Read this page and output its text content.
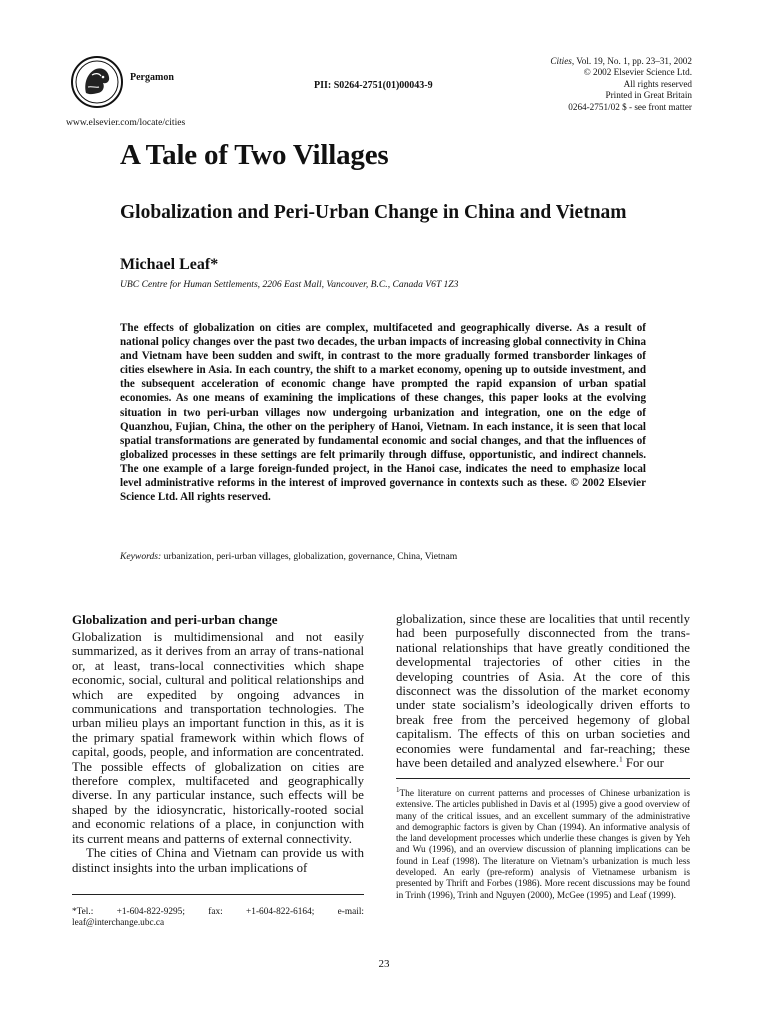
Pergamon
PII: S0264-2751(01)00043-9
Cities, Vol. 19, No. 1, pp. 23–31, 2002
© 2002 Elsevier Science Ltd.
All rights reserved
Printed in Great Britain
0264-2751/02 $ - see front matter
www.elsevier.com/locate/cities
A Tale of Two Villages
Globalization and Peri-Urban Change in China and Vietnam
Michael Leaf*
UBC Centre for Human Settlements, 2206 East Mall, Vancouver, B.C., Canada V6T 1Z3
The effects of globalization on cities are complex, multifaceted and geographically diverse. As a result of national policy changes over the past two decades, the urban impacts of increasing global connectivity in China and Vietnam have been sudden and swift, in contrast to the more gradually formed transborder linkages of cities elsewhere in Asia. In each country, the shift to a market economy, opening up to outside investment, and the subsequent acceleration of economic change have prompted the rapid expansion of urban spatial economies. As one means of examining the implications of these changes, this paper looks at the evolving situation in two peri-urban villages now undergoing urbanization and integration, one on the edge of Quanzhou, Fujian, China, the other on the periphery of Hanoi, Vietnam. In each instance, it is seen that local spatial transformations are generated by fundamental economic and social changes, and that the influences of globalized processes in these settings are felt primarily through diffuse, opportunistic, and indirect channels. The one example of a large foreign-funded project, in the Hanoi case, indicates the need to emphasize local level administrative reforms in the interest of improved governance in contexts such as these. © 2002 Elsevier Science Ltd. All rights reserved.
Keywords: urbanization, peri-urban villages, globalization, governance, China, Vietnam
Globalization and peri-urban change

Globalization is multidimensional and not easily summarized, as it derives from an array of trans-national or, at least, trans-local connectivities which shape economic, social, cultural and political relationships and which are expedited by ongoing advances in communications and transportation technologies. The urban milieu plays an important function in this, as it is the primary spatial framework within which flows of capital, goods, people, and information are concentrated. The possible effects of globalization on cities are therefore complex, multifaceted and geographically diverse. In any particular instance, such effects will be shaped by the idiosyncratic, historically-rooted social and economic relations of a place, in conjunction with its current means and patterns of external connectivity.

The cities of China and Vietnam can provide us with distinct insights into the urban implications of

globalization, since these are localities that until recently had been purposefully disconnected from the trans-national relationships that have greatly conditioned the developmental trajectories of other cities in the developing countries of Asia. At the core of this disconnect was the dissolution of the market economy under state socialism’s ideologically driven efforts to break free from the perceived hegemony of global capitalism. The effects of this on urban societies and economies were fundamental and far-reaching; these have been detailed and analyzed elsewhere.$^1$ For our

$^1$The literature on current patterns and processes of Chinese urbanization is extensive. The articles published in Davis et al (1995) give a good overview of many of the critical issues, and an excellent summary of the administrative and demographic factors is given by Chan (1994). An informative analysis of the land development processes which underlie these changes is given by Yeh and Wu (1996), and an overview discussion of planning implications can be found in Leaf (1998). The literature on Vietnam’s urbanization is much less developed. An early (pre-reform) analysis of Vietnamese urbanism is presented by Thrift and Forbes (1986). More recent discussions may be found in Trinh (1996), Trinh and Nguyen (2000), McGee (1995) and Leaf (1999).
*Tel.: +1-604-822-9295; fax: +1-604-822-6164; e-mail: leaf@interchange.ubc.ca
23
